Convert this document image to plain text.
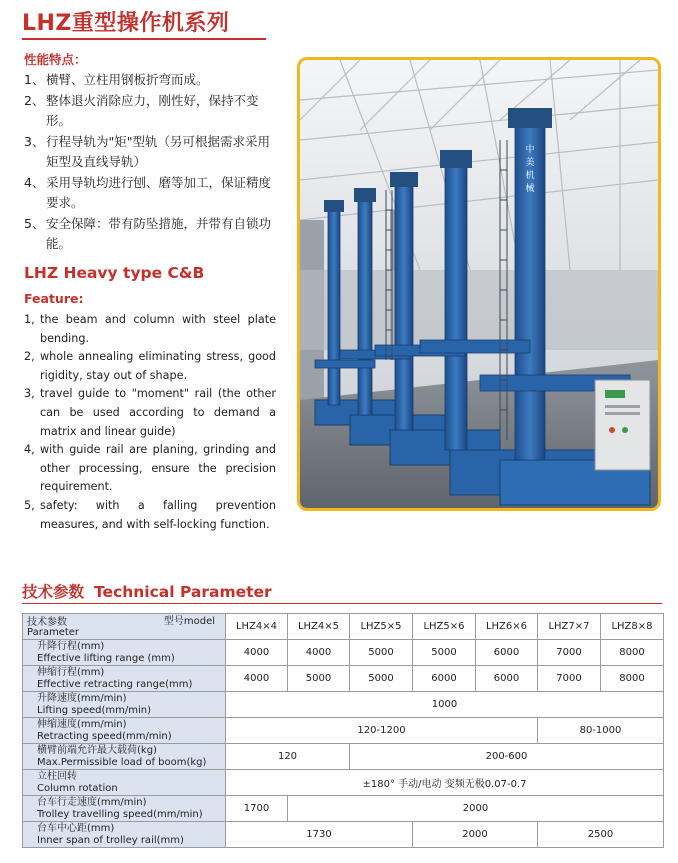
LHZ重型操作机系列
性能特点：
1、 横臂、立柱用钢板折弯而成。
2、 整体退火消除应力，刚性好，保持不变形。
3、 行程导轨为"矩"型轨（另可根据需求采用矩型及直线导轨）
4、 采用导轨均进行刨、磨等加工，保证精度要求。
5、 安全保障：带有防坠措施，并带有自锁功能。
LHZ Heavy type C&B
Feature:
1, the beam and column with steel plate bending.
2, whole annealing eliminating stress, good rigidity, stay out of shape.
3, travel guide to "moment" rail (the other can be used according to demand a matrix and linear guide)
4, with guide rail are planing, grinding and other processing, ensure the precision requirement.
5, safety: with a falling prevention measures, and with self-locking function.
中美机械
技术参数 Technical Parameter
技术参数 型号model
Parameter	LHZ4×4	LHZ4×5	LHZ5×5	LHZ5×6	LHZ6×6	LHZ7×7	LHZ8×8

升降行程(mm)
Effective lifting range (mm)	4000	4000	5000	5000	6000	7000	8000

伸缩行程(mm)
Effective retracting range(mm)	4000	5000	5000	6000	6000	7000	8000

升降速度(mm/min)
Lifting speed(mm/min)	1000						

伸缩速度(mm/min)
Retracting speed(mm/min)	120-1200					80-1000	

横臂前端允许最大载荷(kg)
Max.Permissible load of boom(kg)	120		200-600				

立柱回转
Column rotation	±180° 手动/电动 变频无极0.07-0.7						

台车行走速度(mm/min)
Trolley travelling speed(mm/min)	1700	2000					

台车中心距(mm)
Inner span of trolley rail(mm)	1730			2000		2500	
